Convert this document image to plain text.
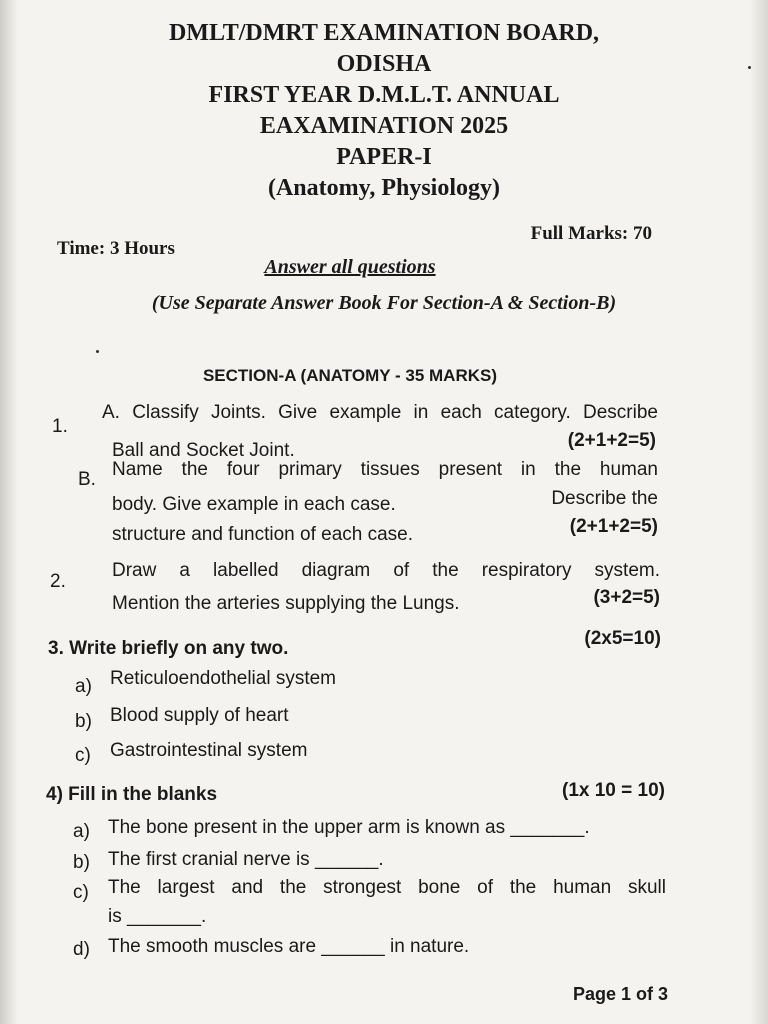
DMLT/DMRT EXAMINATION BOARD,
ODISHA
FIRST YEAR D.M.L.T. ANNUAL
EAXAMINATION 2025
PAPER-I
(Anatomy, Physiology)
Time: 3 Hours
Full Marks: 70
Answer all questions
(Use Separate Answer Book For Section-A & Section-B)
SECTION-A (ANATOMY - 35 MARKS)
1.
A. Classify Joints. Give example in each category. Describe
Ball and Socket Joint.	(2+1+2=5)
B. Name the four primary tissues present in the human
body. Give example in each case.	Describe the
structure and function of each case.	(2+1+2=5)
2.
Draw a labelled diagram of the respiratory system.
Mention the arteries supplying the Lungs.	(3+2=5)
3. Write briefly on any two.	(2x5=10)
a) Reticuloendothelial system
b) Blood supply of heart
c) Gastrointestinal system
4) Fill in the blanks	(1x 10 = 10)
a) The bone present in the upper arm is known as _______.
b) The first cranial nerve is ______.
c) The largest and the strongest bone of the human skull
is _______.
d) The smooth muscles are ______ in nature.
Page 1 of 3
